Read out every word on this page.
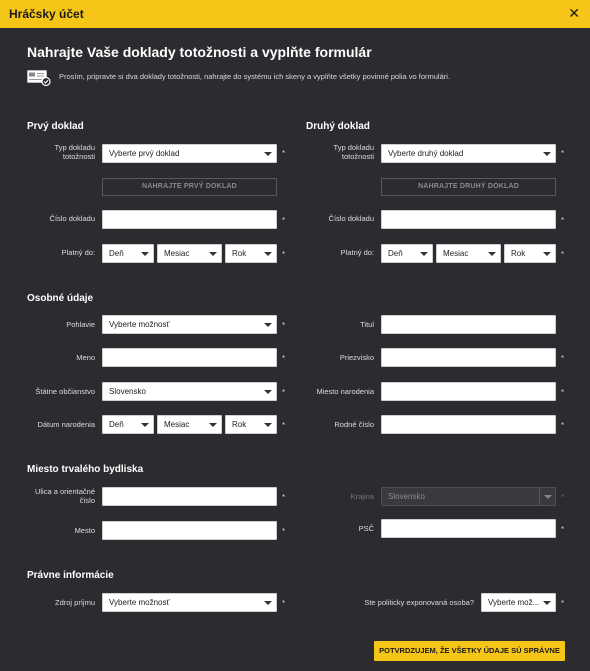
Hráčsky účet	✕
Nahrajte Vaše doklady totožnosti a vyplňte formulár
Prosím, pripravte si dva doklady totožnosti, nahrajte do systému ich skeny a vyplňte všetky povinné polia vo formulári.
Prvý doklad
Typ dokladu totožnosti Vyberte prvý doklad	*
NAHRAJTE PRVÝ DOKLAD
Číslo dokladu	*
Platný do: Deň	Mesiac	Rok	*
Druhý doklad
Typ dokladu totožnosti Vyberte druhý doklad	*
NAHRAJTE DRUHÝ DOKLAD
Číslo dokladu	*
Platný do: Deň	Mesiac	Rok	*
Osobné údaje
Pohlavie Vyberte možnosť	*	Titul
Meno	*	Priezvisko	*
Štátne občianstvo Slovensko	*	Miesto narodenia	*
Dátum narodenia Deň	Mesiac	Rok	*	Rodné číslo	*
Miesto trvalého bydliska
Ulica a orientačné číslo	*	Krajina Slovensko	*
Mesto	*	PSČ	*
Právne informácie
Zdroj príjmu Vyberte možnosť	*	Ste politicky exponovaná osoba? Vyberte mož...	*
POTVRDZUJEM, ŽE VŠETKY ÚDAJE SÚ SPRÁVNE
